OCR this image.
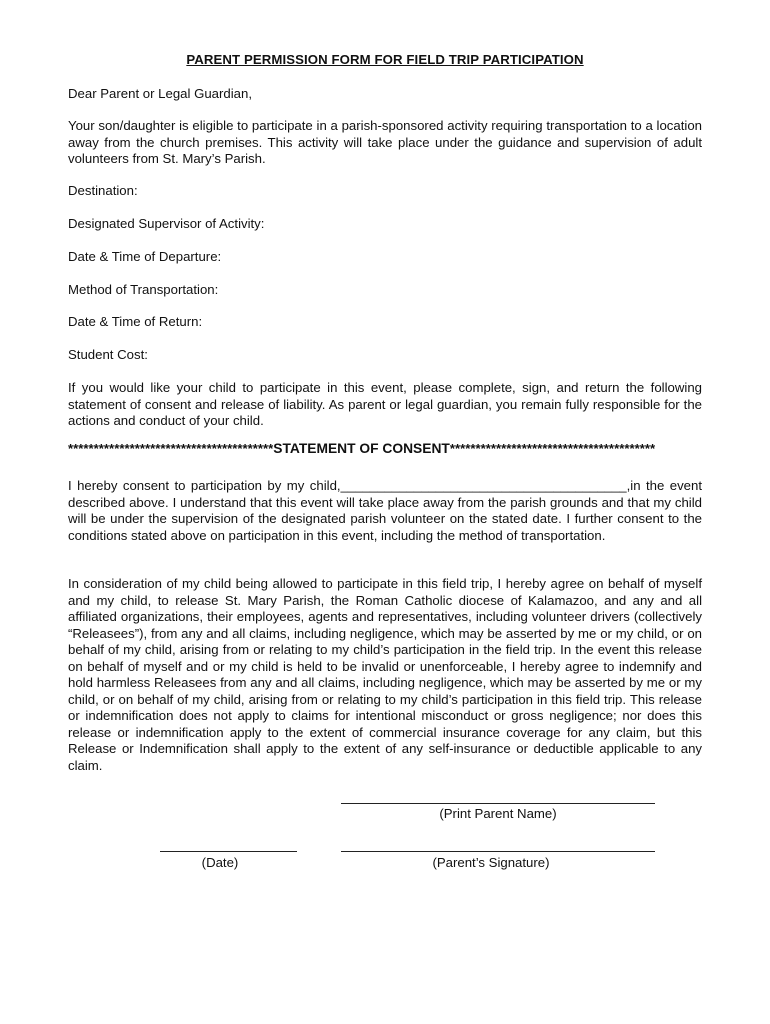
PARENT PERMISSION FORM FOR FIELD TRIP PARTICIPATION
Dear Parent or Legal Guardian,

Your son/daughter is eligible to participate in a parish-sponsored activity requiring transportation to a location away from the church premises. This activity will take place under the guidance and supervision of adult volunteers from St. Mary’s Parish.

Destination:
Designated Supervisor of Activity:
Date & Time of Departure:
Method of Transportation:
Date & Time of Return:
Student Cost:

If you would like your child to participate in this event, please complete, sign, and return the following statement of consent and release of liability. As parent or legal guardian, you remain fully responsible for the actions and conduct of your child.

****************************************STATEMENT OF CONSENT****************************************

I hereby consent to participation by my child,_______________________________________,in the event described above. I understand that this event will take place away from the parish grounds and that my child will be under the supervision of the designated parish volunteer on the stated date. I further consent to the conditions stated above on participation in this event, including the method of transportation.

In consideration of my child being allowed to participate in this field trip, I hereby agree on behalf of myself and my child, to release St. Mary Parish, the Roman Catholic diocese of Kalamazoo, and any and all affiliated organizations, their employees, agents and representatives, including volunteer drivers (collectively “Releasees”), from any and all claims, including negligence, which may be asserted by me or my child, or on behalf of my child, arising from or relating to my child’s participation in the field trip. In the event this release on behalf of myself and or my child is held to be invalid or unenforceable, I hereby agree to indemnify and hold harmless Releasees from any and all claims, including negligence, which may be asserted by me or my child, or on behalf of my child, arising from or relating to my child’s participation in this field trip. This release or indemnification does not apply to claims for intentional misconduct or gross negligence; nor does this release or indemnification apply to the extent of commercial insurance coverage for any claim, but this Release or Indemnification shall apply to the extent of any self-insurance or deductible applicable to any claim.

(Print Parent Name)
(Date)	(Parent’s Signature)
